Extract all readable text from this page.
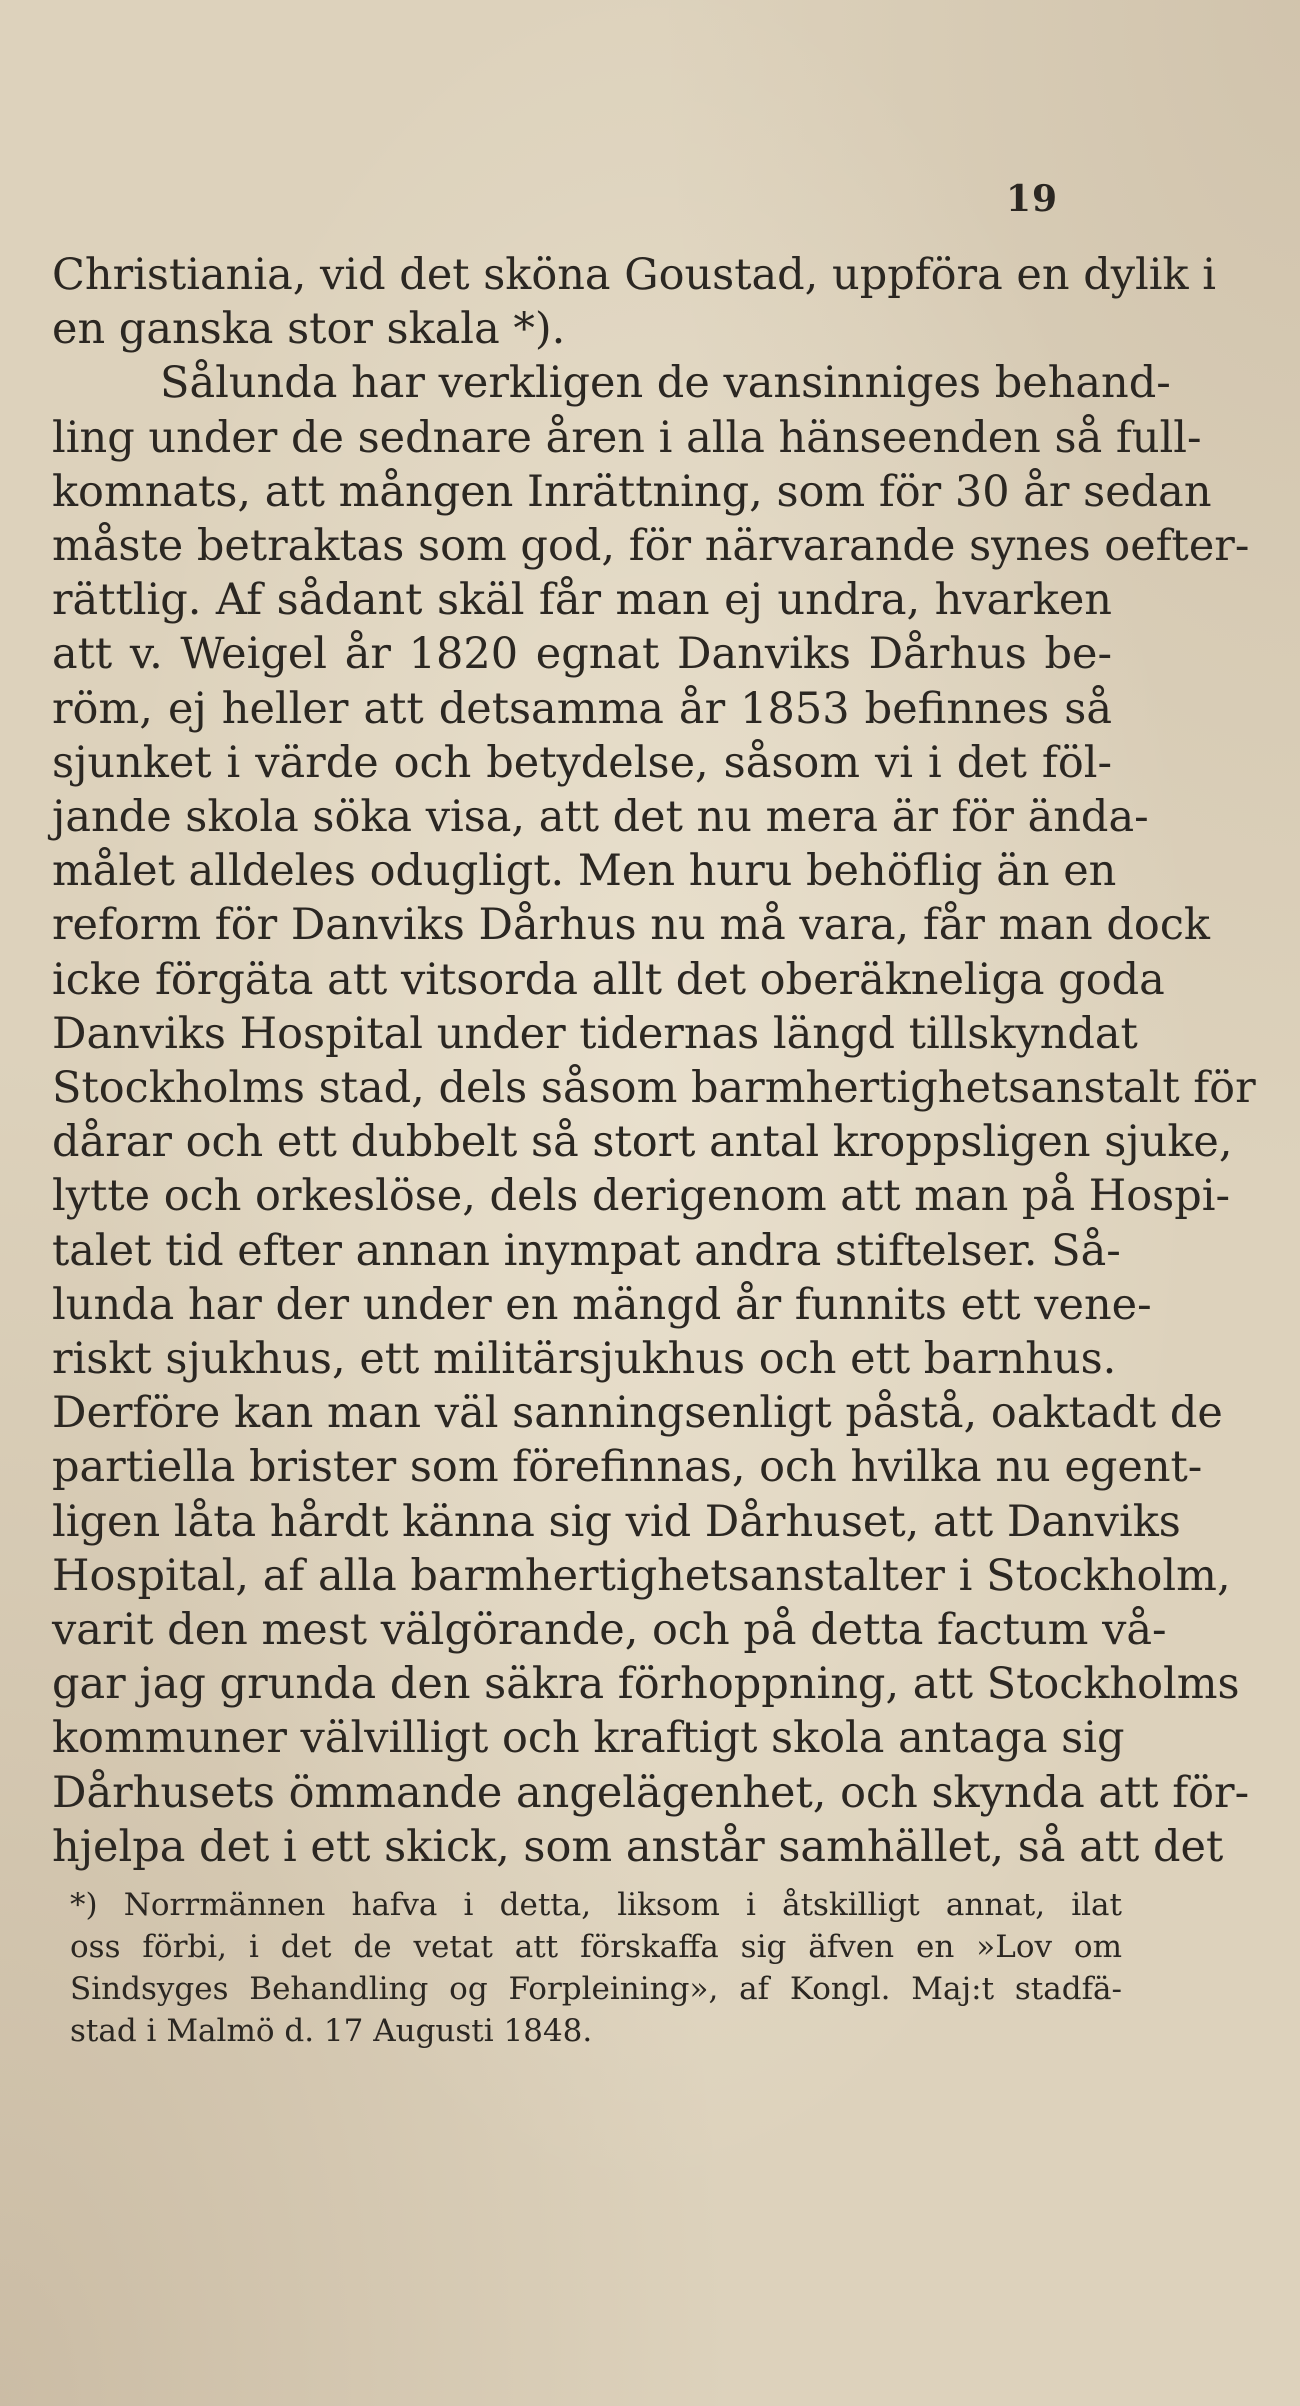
19
Christiania, vid det sköna Goustad, uppföra en dylik i
en ganska stor skala *).
Sålunda har verkligen de vansinniges behand-
ling under de sednare åren i alla hänseenden så full-
komnats, att mången Inrättning, som för 30 år sedan
måste betraktas som god, för närvarande synes oefter-
rättlig. Af sådant skäl får man ej undra, hvarken
att v. Weigel år 1820 egnat Danviks Dårhus be-
röm, ej heller att detsamma år 1853 befinnes så
sjunket i värde och betydelse, såsom vi i det föl-
jande skola söka visa, att det nu mera är för ända-
målet alldeles odugligt. Men huru behöflig än en
reform för Danviks Dårhus nu må vara, får man dock
icke förgäta att vitsorda allt det oberäkneliga goda
Danviks Hospital under tidernas längd tillskyndat
Stockholms stad, dels såsom barmhertighetsanstalt för
dårar och ett dubbelt så stort antal kroppsligen sjuke,
lytte och orkeslöse, dels derigenom att man på Hospi-
talet tid efter annan inympat andra stiftelser. Så-
lunda har der under en mängd år funnits ett vene-
riskt sjukhus, ett militärsjukhus och ett barnhus.
Derföre kan man väl sanningsenligt påstå, oaktadt de
partiella brister som förefinnas, och hvilka nu egent-
ligen låta hårdt känna sig vid Dårhuset, att Danviks
Hospital, af alla barmhertighetsanstalter i Stockholm,
varit den mest välgörande, och på detta factum vå-
gar jag grunda den säkra förhoppning, att Stockholms
kommuner välvilligt och kraftigt skola antaga sig
Dårhusets ömmande angelägenhet, och skynda att för-
hjelpa det i ett skick, som anstår samhället, så att det
*) Norrmännen hafva i detta, liksom i åtskilligt annat, ilat
oss förbi, i det de vetat att förskaffa sig äfven en »Lov om
Sindsyges Behandling og Forpleining», af Kongl. Maj:t stadfä-
stad i Malmö d. 17 Augusti 1848.
